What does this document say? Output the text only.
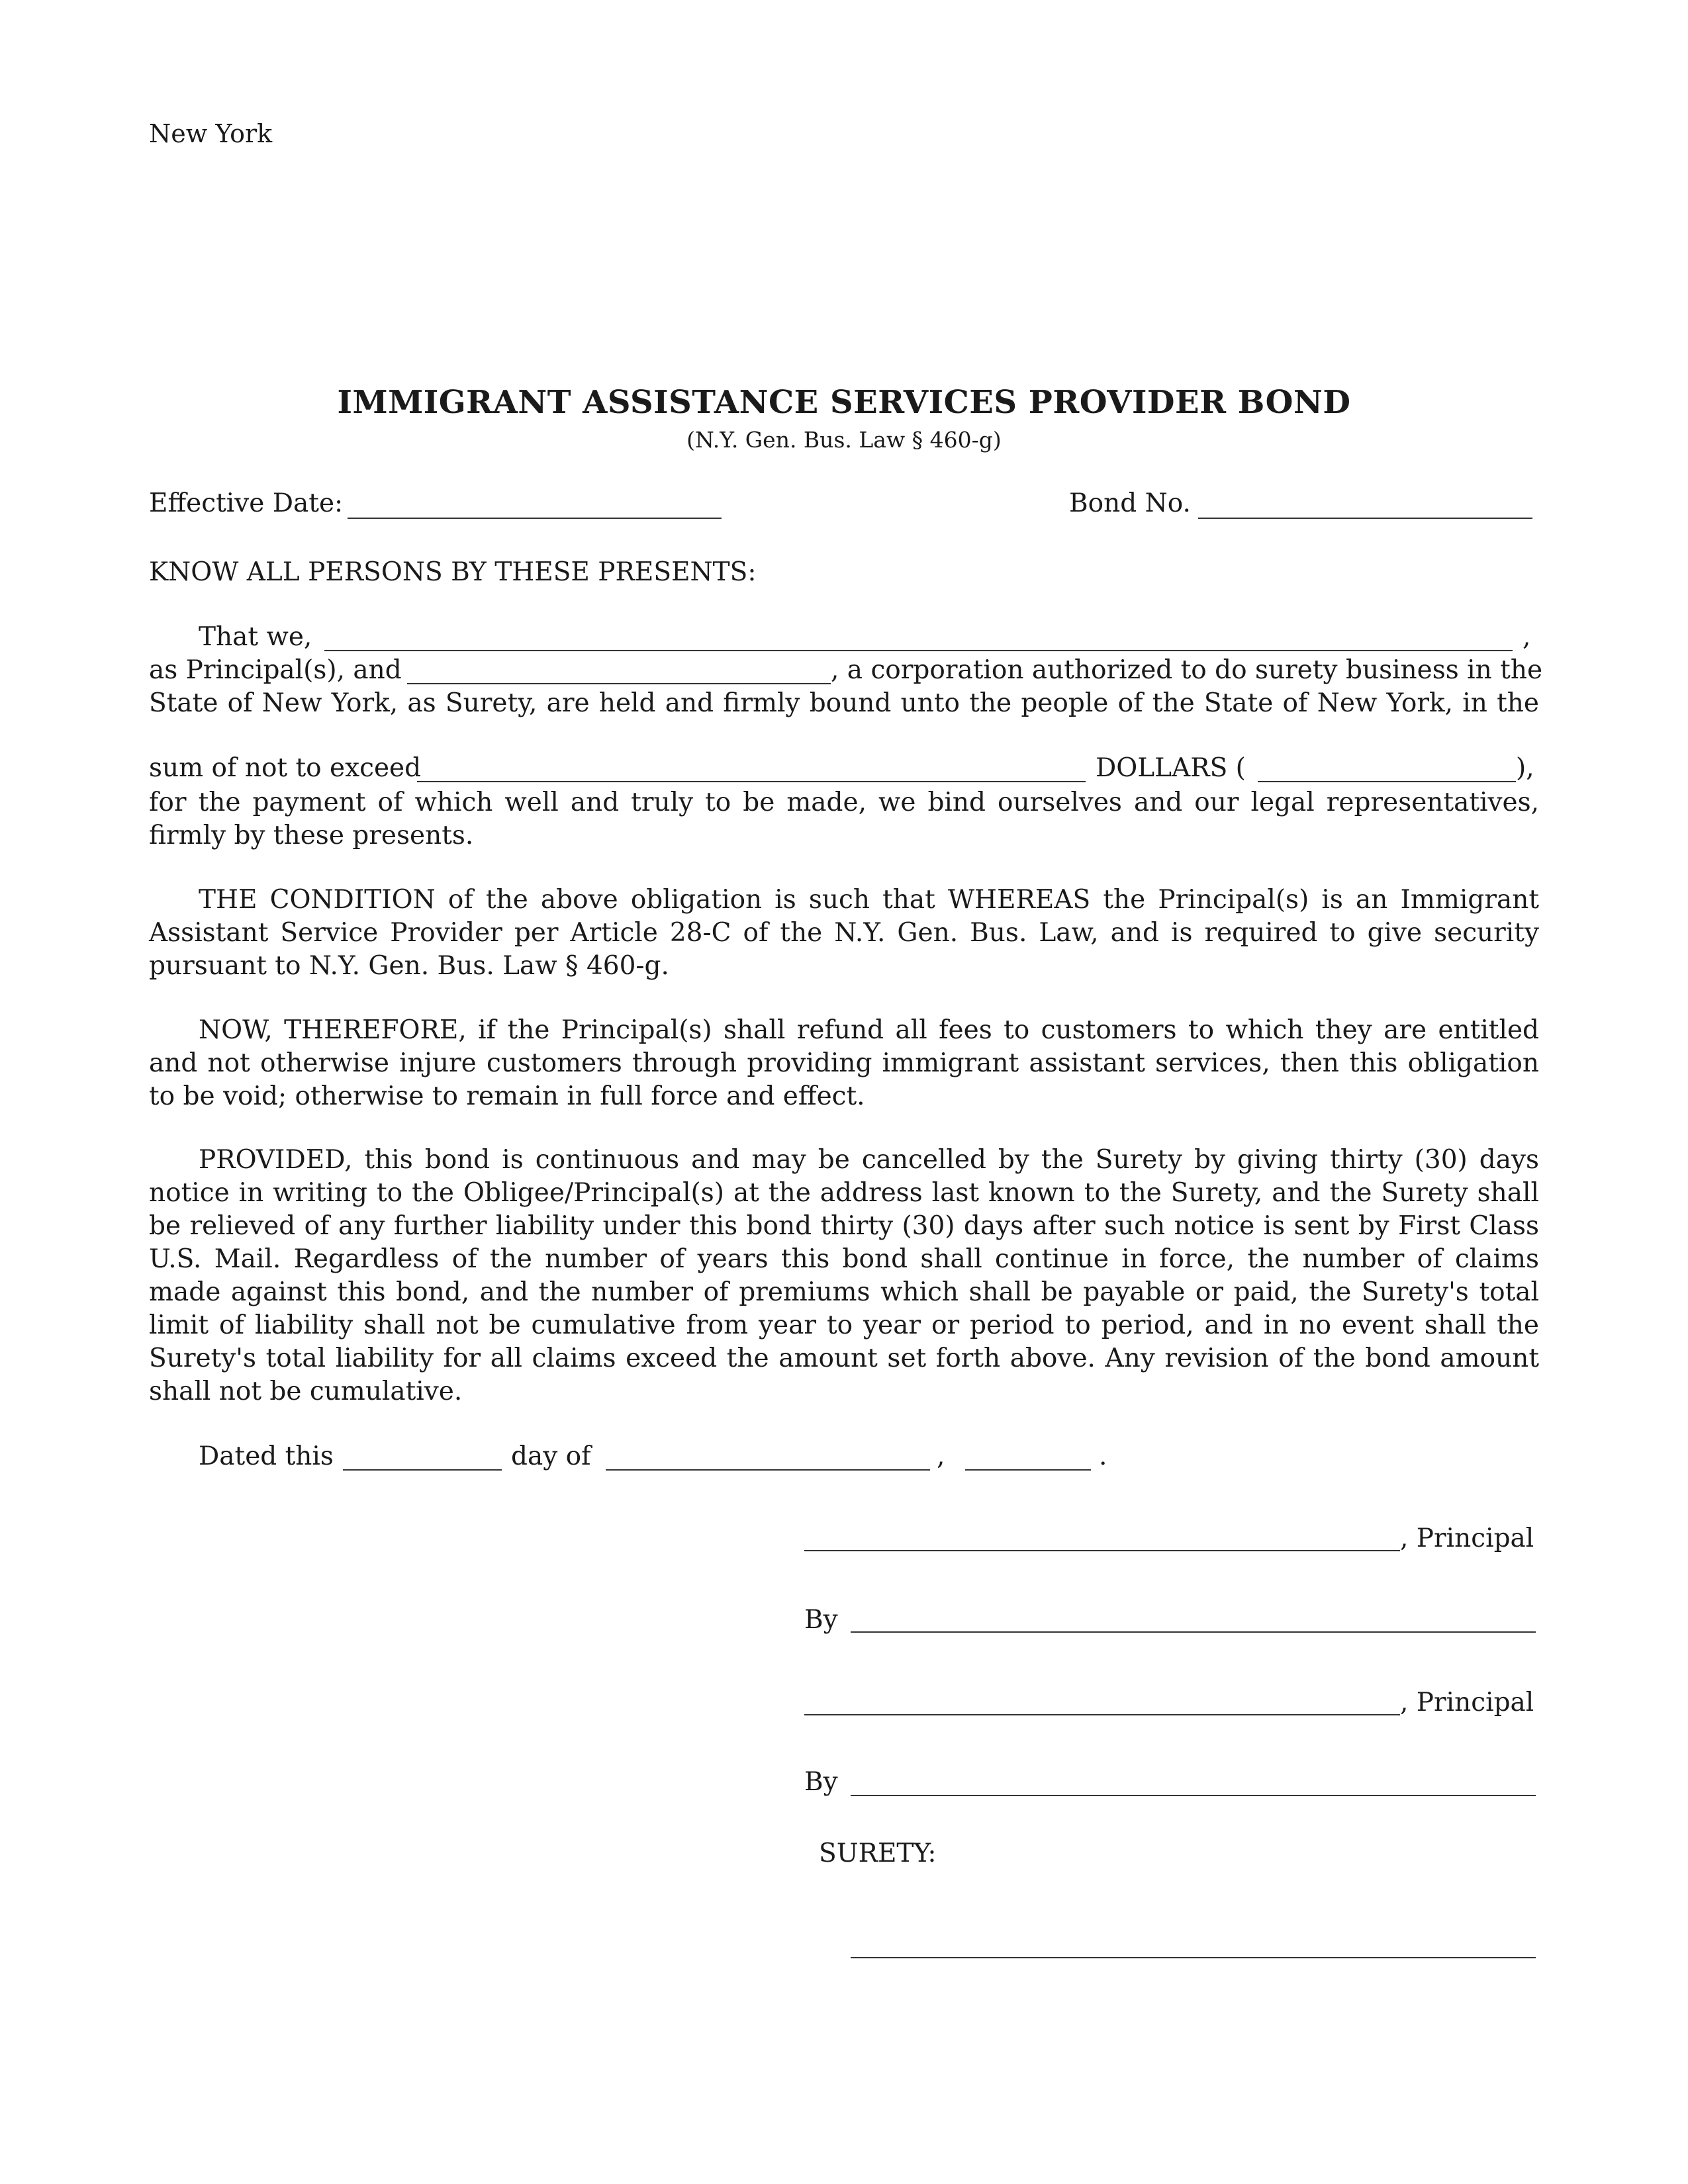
New York
IMMIGRANT ASSISTANCE SERVICES PROVIDER BOND
(N.Y. Gen. Bus. Law § 460-g)
Effective Date:	Bond No.
KNOW ALL PERSONS BY THESE PRESENTS:
That we,	,
as Principal(s), and	, a corporation authorized to do surety business in the
State of New York, as Surety, are held and firmly bound unto the people of the State of New York, in the
sum of not to exceed	DOLLARS (	),
for the payment of which well and truly to be made, we bind ourselves and our legal representatives, firmly by these presents.
THE CONDITION of the above obligation is such that WHEREAS the Principal(s) is an Immigrant Assistant Service Provider per Article 28-C of the N.Y. Gen. Bus. Law, and is required to give security pursuant to N.Y. Gen. Bus. Law § 460-g.
NOW, THEREFORE, if the Principal(s) shall refund all fees to customers to which they are entitled and not otherwise injure customers through providing immigrant assistant services, then this obligation to be void; otherwise to remain in full force and effect.
PROVIDED, this bond is continuous and may be cancelled by the Surety by giving thirty (30) days notice in writing to the Obligee/Principal(s) at the address last known to the Surety, and the Surety shall be relieved of any further liability under this bond thirty (30) days after such notice is sent by First Class U.S. Mail. Regardless of the number of years this bond shall continue in force, the number of claims made against this bond, and the number of premiums which shall be payable or paid, the Surety's total limit of liability shall not be cumulative from year to year or period to period, and in no event shall the Surety's total liability for all claims exceed the amount set forth above. Any revision of the bond amount shall not be cumulative.
Dated this	day of	,	.
, Principal
By
, Principal
By
SURETY:
